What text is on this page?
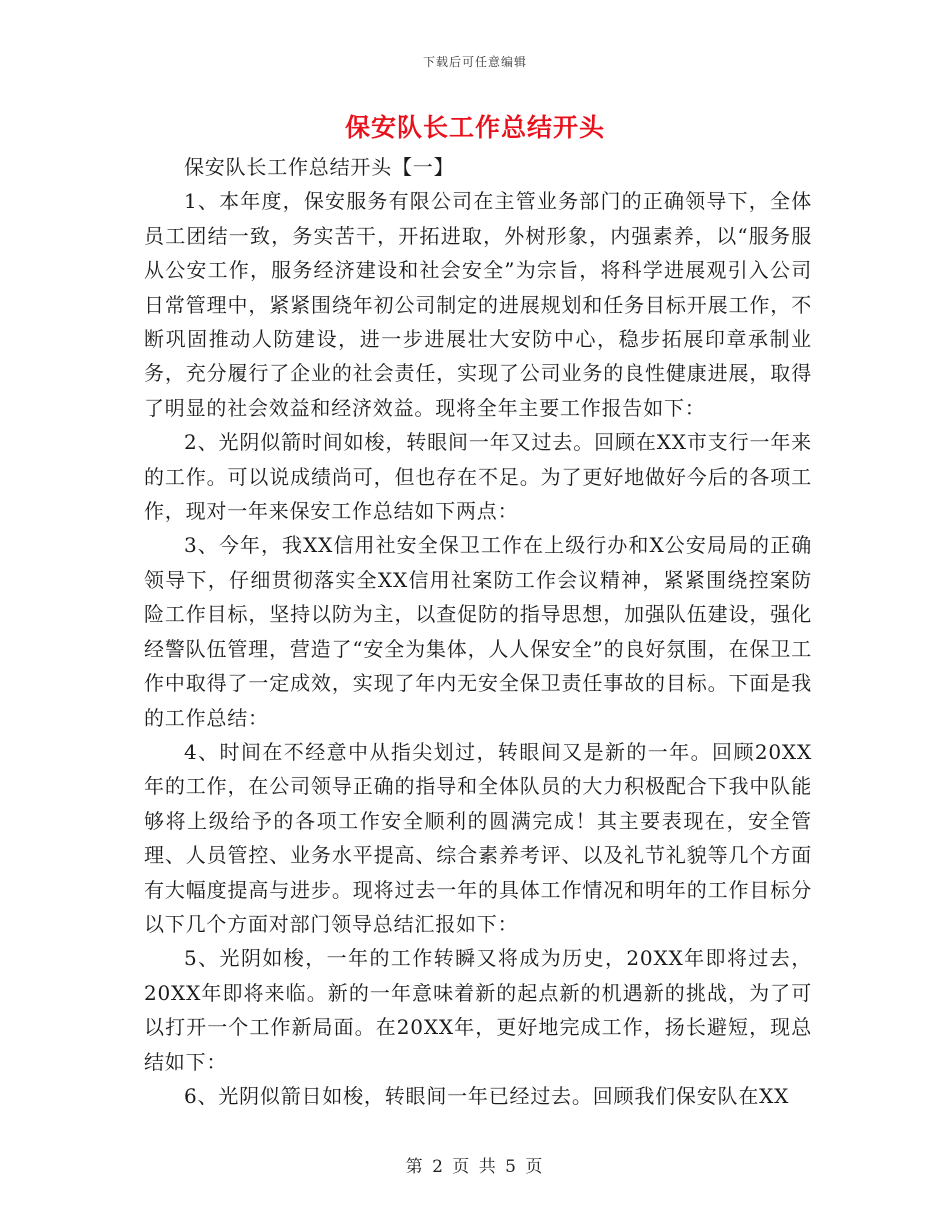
下载后可任意编辑
保安队长工作总结开头

保安队长工作总结开头【一】

1、本年度，保安服务有限公司在主管业务部门的正确领导下，全体员工团结一致，务实苦干，开拓进取，外树形象，内强素养，以“服务服从公安工作，服务经济建设和社会安全”为宗旨，将科学进展观引入公司日常管理中，紧紧围绕年初公司制定的进展规划和任务目标开展工作，不断巩固推动人防建设，进一步进展壮大安防中心，稳步拓展印章承制业务，充分履行了企业的社会责任，实现了公司业务的良性健康进展，取得了明显的社会效益和经济效益。现将全年主要工作报告如下：

2、光阴似箭时间如梭，转眼间一年又过去。回顾在XX市支行一年来的工作。可以说成绩尚可，但也存在不足。为了更好地做好今后的各项工作，现对一年来保安工作总结如下两点：

3、今年，我XX信用社安全保卫工作在上级行办和X公安局局的正确领导下，仔细贯彻落实全XX信用社案防工作会议精神，紧紧围绕控案防险工作目标，坚持以防为主，以查促防的指导思想，加强队伍建设，强化经警队伍管理，营造了“安全为集体，人人保安全”的良好氛围，在保卫工作中取得了一定成效，实现了年内无安全保卫责任事故的目标。下面是我的工作总结：

4、时间在不经意中从指尖划过，转眼间又是新的一年。回顾20XX年的工作，在公司领导正确的指导和全体队员的大力积极配合下我中队能够将上级给予的各项工作安全顺利的圆满完成！其主要表现在，安全管理、人员管控、业务水平提高、综合素养考评、以及礼节礼貌等几个方面有大幅度提高与进步。现将过去一年的具体工作情况和明年的工作目标分以下几个方面对部门领导总结汇报如下：

5、光阴如梭，一年的工作转瞬又将成为历史，20XX年即将过去，20XX年即将来临。新的一年意味着新的起点新的机遇新的挑战，为了可以打开一个工作新局面。在20XX年，更好地完成工作，扬长避短，现总结如下：

6、光阴似箭日如梭，转眼间一年已经过去。回顾我们保安队在XX

第 2 页 共 5 页
